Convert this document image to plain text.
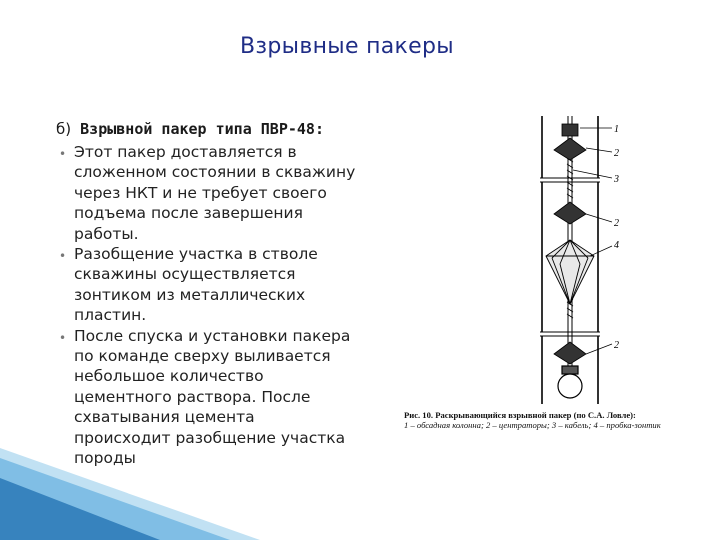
Взрывные пакеры
б) Взрывной пакер типа ПВР-48:
• Этот пакер доставляется в сложенном состоянии в скважину через НКТ и не требует своего подъема после завершения работы.
• Разобщение участка в стволе скважины осуществляется зонтиком из металлических пластин.
• После спуска и установки пакера по команде сверху выливается небольшое количество цементного раствора. После схватывания цемента происходит разобщение участка породы
1
2
3
2
4
2
Рис. 10. Раскрывающийся взрывной пакер (по С.А. Ловле):
1 – обсадная колонна; 2 – центраторы; 3 – кабель; 4 – пробка-зонтик
